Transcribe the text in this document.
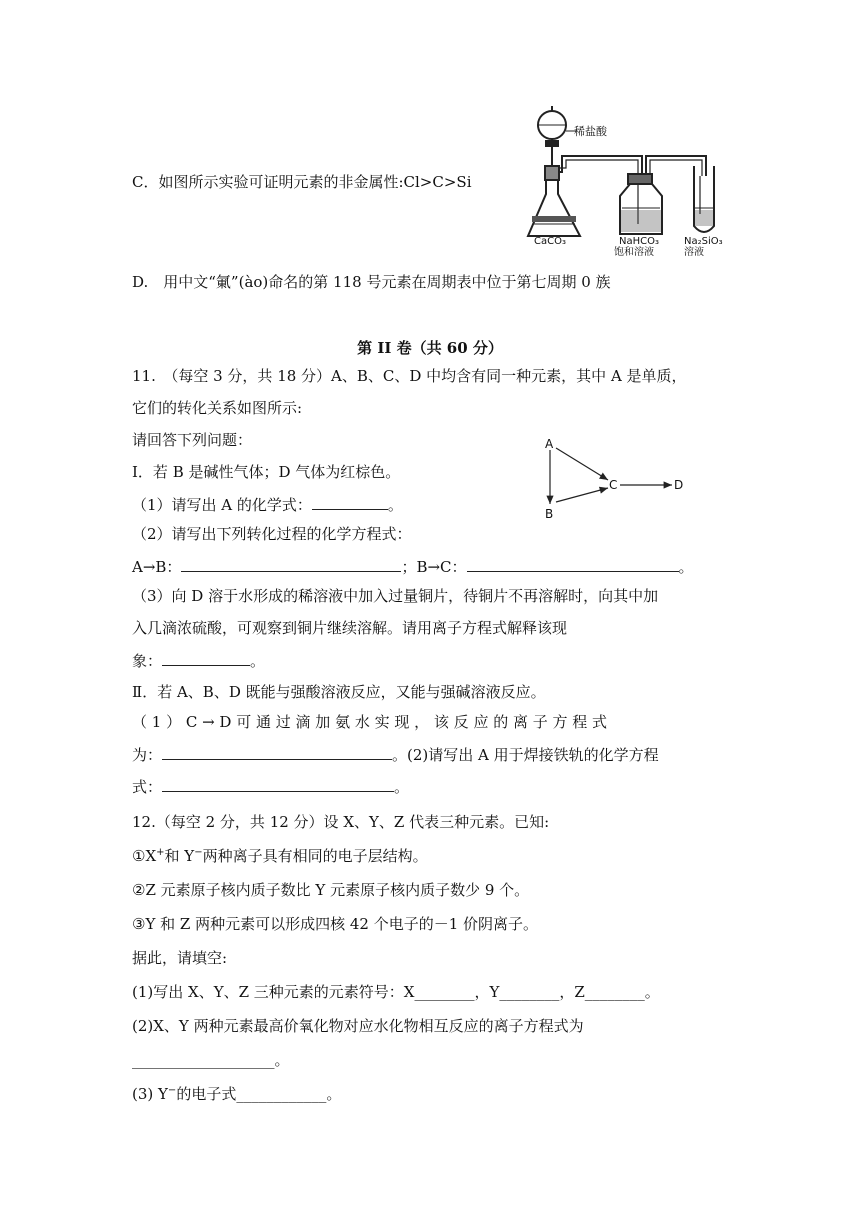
C．如图所示实验可证明元素的非金属性:Cl>C>Si
稀盐酸
CaCO₃	NaHCO₃	Na₂SiO₃
饱和溶液	溶液
D.　用中文“氭”(ào)命名的第 118 号元素在周期表中位于第七周期 0 族
第 II 卷（共 60 分）
11.　（每空 3 分，共 18 分）A、B、C、D 中均含有同一种元素，其中 A 是单质，
它们的转化关系如图所示:
请回答下列问题：
Ⅰ．若 B 是碱性气体；D 气体为红棕色。
（1）请写出 A 的化学式：	。
（2）请写出下列转化过程的化学方程式：
A→B：	；B→C：	。
（3）向 D 溶于水形成的稀溶液中加入过量铜片，待铜片不再溶解时，向其中加
入几滴浓硫酸，可观察到铜片继续溶解。请用离子方程式解释该现
象：	。
Ⅱ．若 A、B、D 既能与强酸溶液反应，又能与强碱溶液反应。
（ 1 ） C → D 可 通 过 滴 加 氨 水 实 现 ， 该 反 应 的 离 子 方 程 式
为：	。(2)请写出 A 用于焊接铁轨的化学方程
式：	。
A
B
C	D
12.（每空 2 分，共 12 分）设 X、Y、Z 代表三种元素。已知:
①X+和 Y−两种离子具有相同的电子层结构。
②Z 元素原子核内质子数比 Y 元素原子核内质子数少 9 个。
③Y 和 Z 两种元素可以形成四核 42 个电子的－1 价阴离子。
据此，请填空:
(1)写出 X、Y、Z 三种元素的元素符号：X________，Y________，Z________。
(2)X、Y 两种元素最高价氧化物对应水化物相互反应的离子方程式为
___________________。
(3) Y−的电子式____________。
